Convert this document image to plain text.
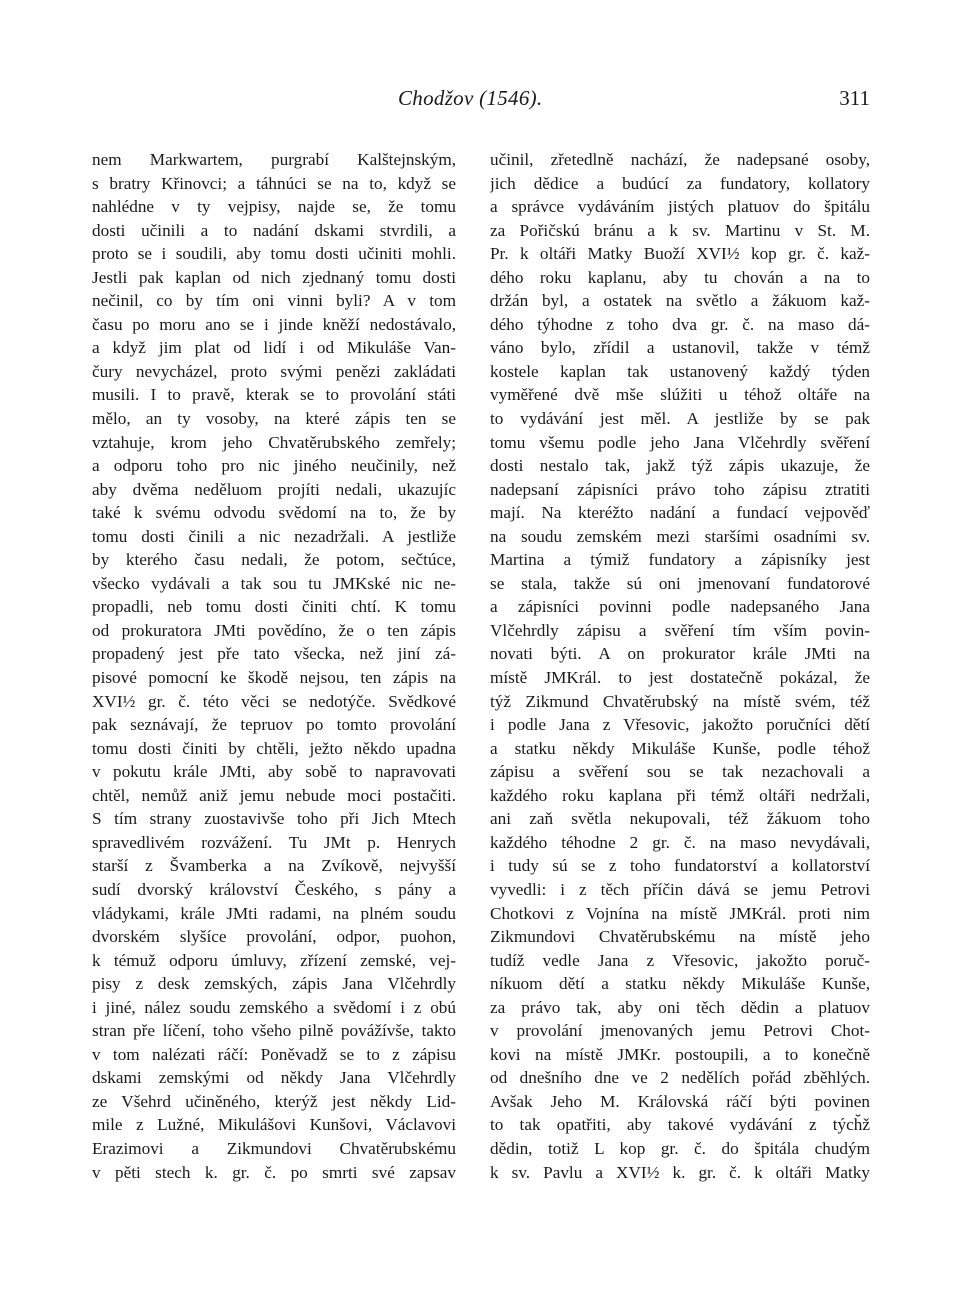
Chodžov (1546).	311
nem Markwartem, purgrabí Kalštejnským,
s bratry Křinovci; a táhnúci se na to, když se
nahlédne v ty vejpisy, najde se, že tomu
dosti učinili a to nadání dskami stvrdili, a
proto se i soudili, aby tomu dosti učiniti mohli.
Jestli pak kaplan od nich zjednaný tomu dosti
nečinil, co by tím oni vinni byli? A v tom
času po moru ano se i jinde kněží nedostávalo,
a když jim plat od lidí i od Mikuláše Van-
čury nevycházel, proto svými penězi zakládati
musili. I to pravě, kterak se to provolání státi
mělo, an ty vosoby, na které zápis ten se
vztahuje, krom jeho Chvatěrubského zemřely;
a odporu toho pro nic jiného neučinily, než
aby dvěma neděluom projíti nedali, ukazujíc
také k svému odvodu svědomí na to, že by
tomu dosti činili a nic nezadržali. A jestliže
by kterého času nedali, že potom, sečtúce,
všecko vydávali a tak sou tu JMKské nic ne-
propadli, neb tomu dosti činiti chtí. K tomu
od prokuratora JMti povědíno, že o ten zápis
propadený jest pře tato všecka, než jiní zá-
pisové pomocní ke škodě nejsou, ten zápis na
XVI½ gr. č. této věci se nedotýče. Svědkové
pak seznávají, že tepruov po tomto provolání
tomu dosti činiti by chtěli, ježto někdo upadna
v pokutu krále JMti, aby sobě to napravovati
chtěl, nemůž aniž jemu nebude moci postačiti.
S tím strany zuostavivše toho při Jich Mtech
spravedlivém rozvážení. Tu JMt p. Henrych
starší z Švamberka a na Zvíkově, nejvyšší
sudí dvorský království Českého, s pány a
vládykami, krále JMti radami, na plném soudu
dvorském slyšíce provolání, odpor, puohon,
k témuž odporu úmluvy, zřízení zemské, vej-
pisy z desk zemských, zápis Jana Vlčehrdly
i jiné, nález soudu zemského a svědomí i z obú
stran pře líčení, toho všeho pilně povážívše, takto
v tom nalézati ráčí: Poněvadž se to z zápisu
dskami zemskými od někdy Jana Vlčehrdly
ze Všehrd učiněného, kterýž jest někdy Lid-
mile z Lužné, Mikulášovi Kunšovi, Václavovi
Erazimovi a Zikmundovi Chvatěrubskému
v pěti stech k. gr. č. po smrti své zapsav
učinil, zřetedlně nachází, že nadepsané osoby,
jich dědice a budúcí za fundatory, kollatory
a správce vydáváním jistých platuov do špitálu
za Pořičskú bránu a k sv. Martinu v St. M.
Pr. k oltáři Matky Buoží XVI½ kop gr. č. kaž-
dého roku kaplanu, aby tu chován a na to
držán byl, a ostatek na světlo a žákuom kaž-
dého týhodne z toho dva gr. č. na maso dá-
váno bylo, zřídil a ustanovil, takže v témž
kostele kaplan tak ustanovený každý týden
vyměřené dvě mše slúžiti u téhož oltáře na
to vydávání jest měl. A jestliže by se pak
tomu všemu podle jeho Jana Vlčehrdly svěření
dosti nestalo tak, jakž týž zápis ukazuje, že
nadepsaní zápisníci právo toho zápisu ztratiti
mají. Na kteréžto nadání a fundací vejpověď
na soudu zemském mezi staršími osadními sv.
Martina a týmiž fundatory a zápisníky jest
se stala, takže sú oni jmenovaní fundatorové
a zápisníci povinni podle nadepsaného Jana
Vlčehrdly zápisu a svěření tím vším povin-
novati býti. A on prokurator krále JMti na
místě JMKrál. to jest dostatečně pokázal, že
týž Zikmund Chvatěrubský na místě svém, též
i podle Jana z Vřesovic, jakožto poručníci dětí
a statku někdy Mikuláše Kunše, podle téhož
zápisu a svěření sou se tak nezachovali a
každého roku kaplana při témž oltáři nedržali,
ani zaň světla nekupovali, též žákuom toho
každého téhodne 2 gr. č. na maso nevydávali,
i tudy sú se z toho fundatorství a kollatorství
vyvedli: i z těch příčin dává se jemu Petrovi
Chotkovi z Vojnína na místě JMKrál. proti nim
Zikmundovi Chvatěrubskému na místě jeho
tudíž vedle Jana z Vřesovic, jakožto poruč-
níkuom dětí a statku někdy Mikuláše Kunše,
za právo tak, aby oni těch dědin a platuov
v provolání jmenovaných jemu Petrovi Chot-
kovi na místě JMKr. postoupili, a to konečně
od dnešního dne ve 2 nedělích pořád zběhlých.
Avšak Jeho M. Královská ráčí býti povinen
to tak opatřiti, aby takové vydávání z tých̆ž
dědin, totiž L kop gr. č. do špitála chudým
k sv. Pavlu a XVI½ k. gr. č. k oltáři Matky
